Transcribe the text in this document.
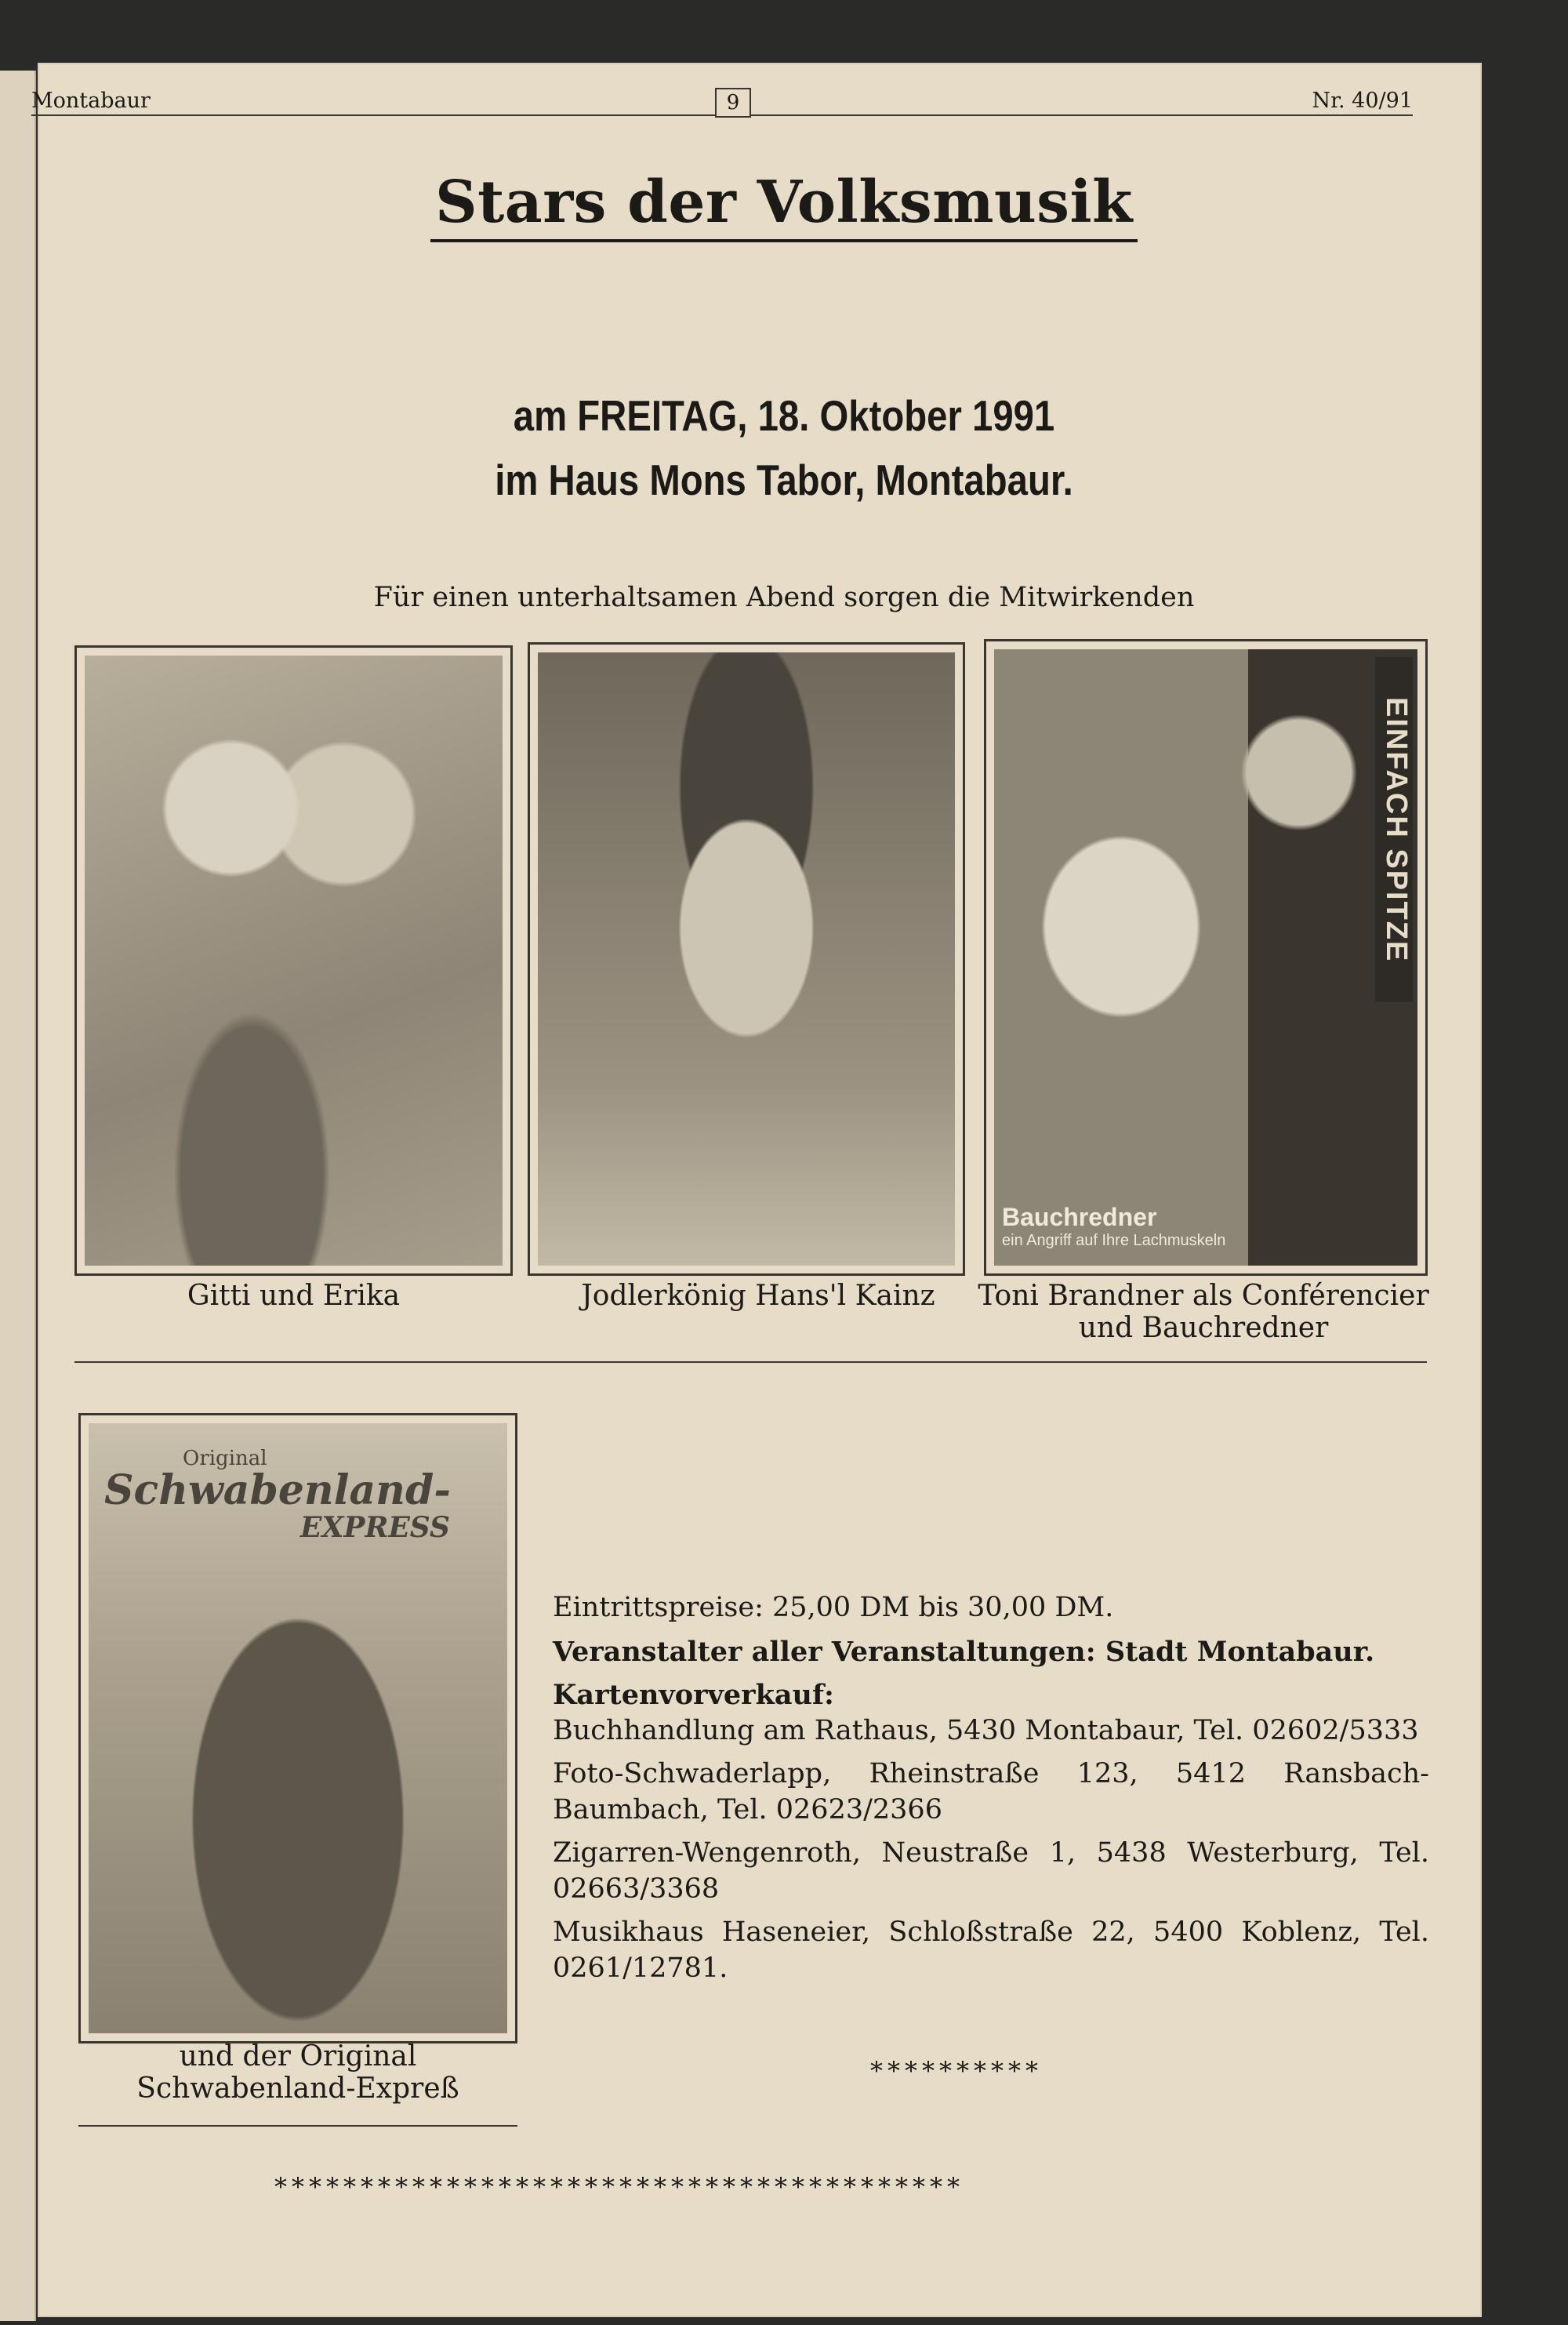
Montabaur	9	Nr. 40/91
Stars der Volksmusik
am FREITAG, 18. Oktober 1991
im Haus Mons Tabor, Montabaur.
Für einen unterhaltsamen Abend sorgen die Mitwirkenden
Gitti und Erika	Jodlerkönig Hans'l Kainz
EINFACH SPITZE
Bauchredner
ein Angriff auf Ihre Lachmuskeln
Toni Brandner als Conférencier
und Bauchredner
Original
Schwabenland-
EXPRESS
und der Original
Schwabenland-Expreß

Eintrittspreise: 25,00 DM bis 30,00 DM.

Veranstalter aller Veranstaltungen: Stadt Montabaur.

Kartenvorverkauf:

Buchhandlung am Rathaus, 5430 Montabaur, Tel. 02602/5333

Foto-Schwaderlapp, Rheinstraße 123, 5412 Ransbach-Baumbach, Tel. 02623/2366

Zigarren-Wengenroth, Neustraße 1, 5438 Westerburg, Tel. 02663/3368

Musikhaus Haseneier, Schloßstraße 22, 5400 Koblenz, Tel. 0261/12781.

**********
****************************************
